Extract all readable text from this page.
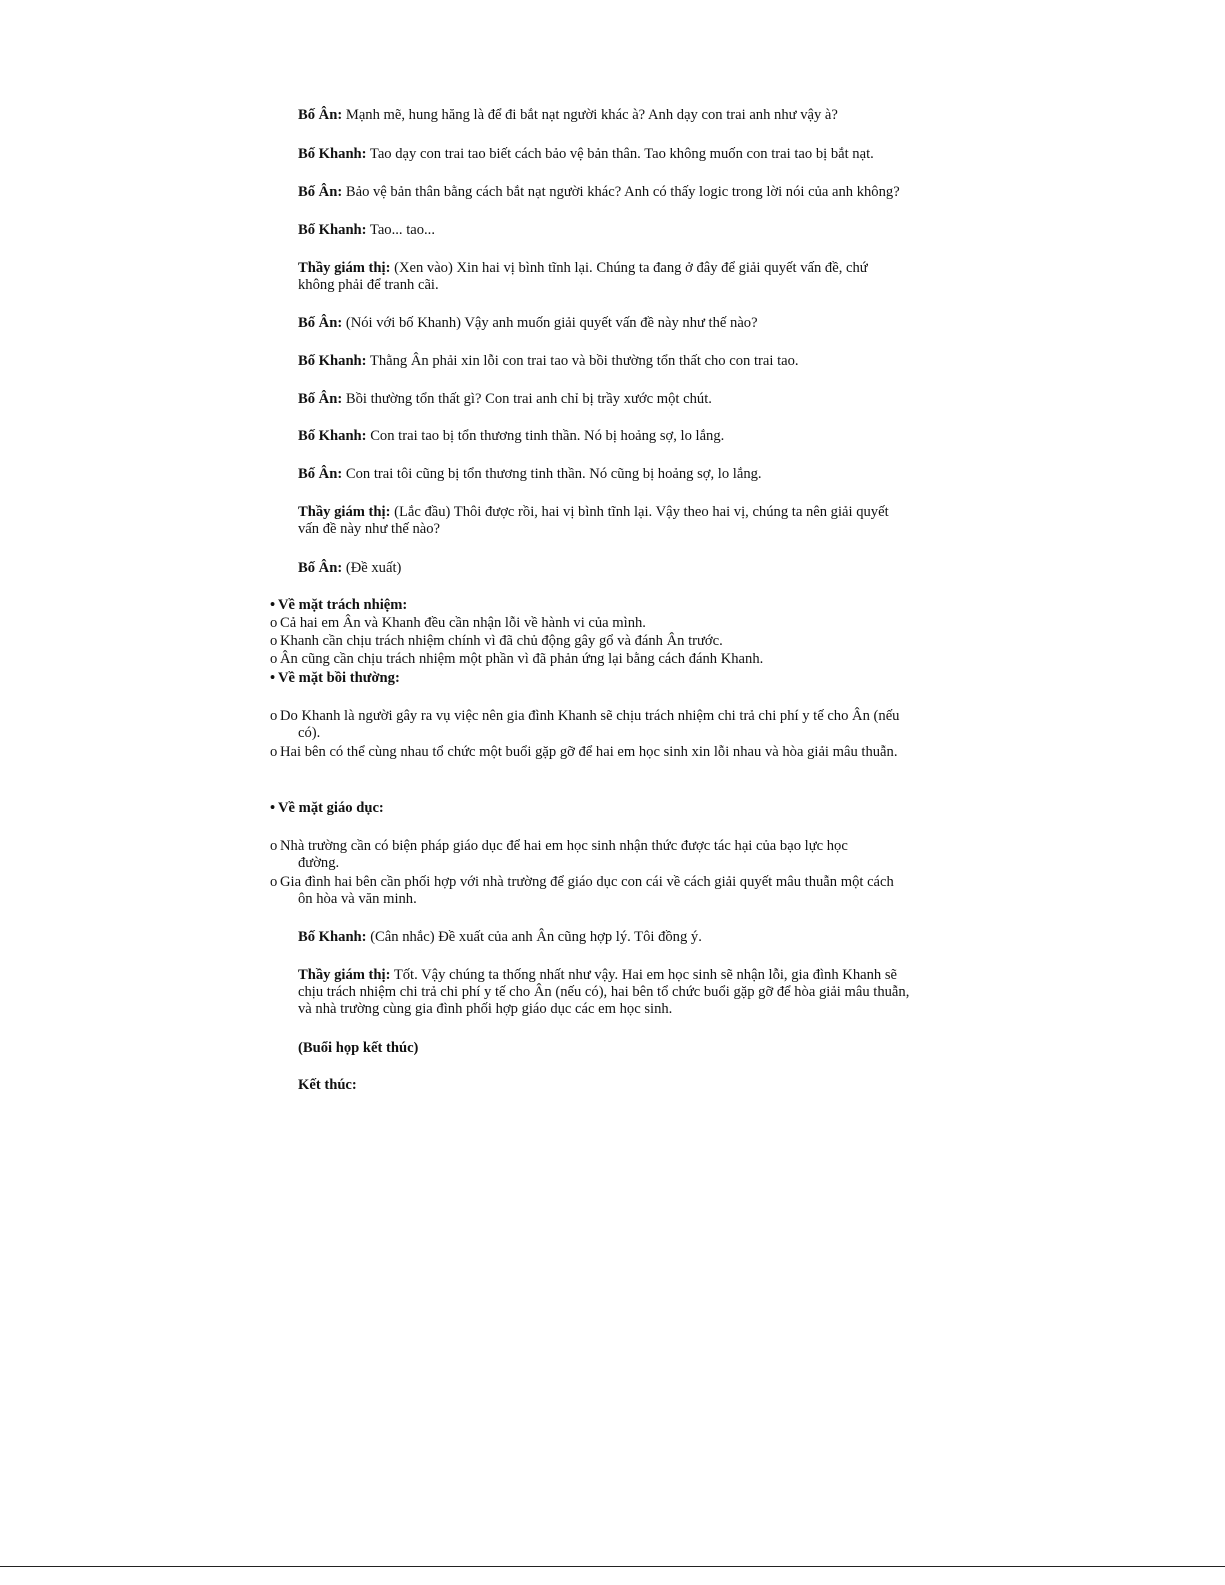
Bố Ân: Mạnh mẽ, hung hăng là để đi bắt nạt người khác à? Anh dạy con trai anh như vậy à?

Bố Khanh: Tao dạy con trai tao biết cách bảo vệ bản thân. Tao không muốn con trai tao bị bắt nạt.

Bố Ân: Bảo vệ bản thân bằng cách bắt nạt người khác? Anh có thấy logic trong lời nói của anh không?

Bố Khanh: Tao... tao...

Thầy giám thị: (Xen vào) Xin hai vị bình tĩnh lại. Chúng ta đang ở đây để giải quyết vấn đề, chứ không phải để tranh cãi.

Bố Ân: (Nói với bố Khanh) Vậy anh muốn giải quyết vấn đề này như thế nào?

Bố Khanh: Thằng Ân phải xin lỗi con trai tao và bồi thường tổn thất cho con trai tao.

Bố Ân: Bồi thường tổn thất gì? Con trai anh chỉ bị trầy xước một chút.

Bố Khanh: Con trai tao bị tổn thương tinh thần. Nó bị hoảng sợ, lo lắng.

Bố Ân: Con trai tôi cũng bị tổn thương tinh thần. Nó cũng bị hoảng sợ, lo lắng.

Thầy giám thị: (Lắc đầu) Thôi được rồi, hai vị bình tĩnh lại. Vậy theo hai vị, chúng ta nên giải quyết vấn đề này như thế nào?

Bố Ân: (Đề xuất)

• Về mặt trách nhiệm:

o Cả hai em Ân và Khanh đều cần nhận lỗi về hành vi của mình.

o Khanh cần chịu trách nhiệm chính vì đã chủ động gây gổ và đánh Ân trước.

o Ân cũng cần chịu trách nhiệm một phần vì đã phản ứng lại bằng cách đánh Khanh.

• Về mặt bồi thường:

o Do Khanh là người gây ra vụ việc nên gia đình Khanh sẽ chịu trách nhiệm chi trả chi phí y tế cho Ân (nếu có).

o Hai bên có thể cùng nhau tổ chức một buổi gặp gỡ để hai em học sinh xin lỗi nhau và hòa giải mâu thuẫn.

• Về mặt giáo dục:

o Nhà trường cần có biện pháp giáo dục để hai em học sinh nhận thức được tác hại của bạo lực học đường.

o Gia đình hai bên cần phối hợp với nhà trường để giáo dục con cái về cách giải quyết mâu thuẫn một cách ôn hòa và văn minh.

Bố Khanh: (Cân nhắc) Đề xuất của anh Ân cũng hợp lý. Tôi đồng ý.

Thầy giám thị: Tốt. Vậy chúng ta thống nhất như vậy. Hai em học sinh sẽ nhận lỗi, gia đình Khanh sẽ chịu trách nhiệm chi trả chi phí y tế cho Ân (nếu có), hai bên tổ chức buổi gặp gỡ để hòa giải mâu thuẫn, và nhà trường cùng gia đình phối hợp giáo dục các em học sinh.

(Buổi họp kết thúc)

Kết thúc:
